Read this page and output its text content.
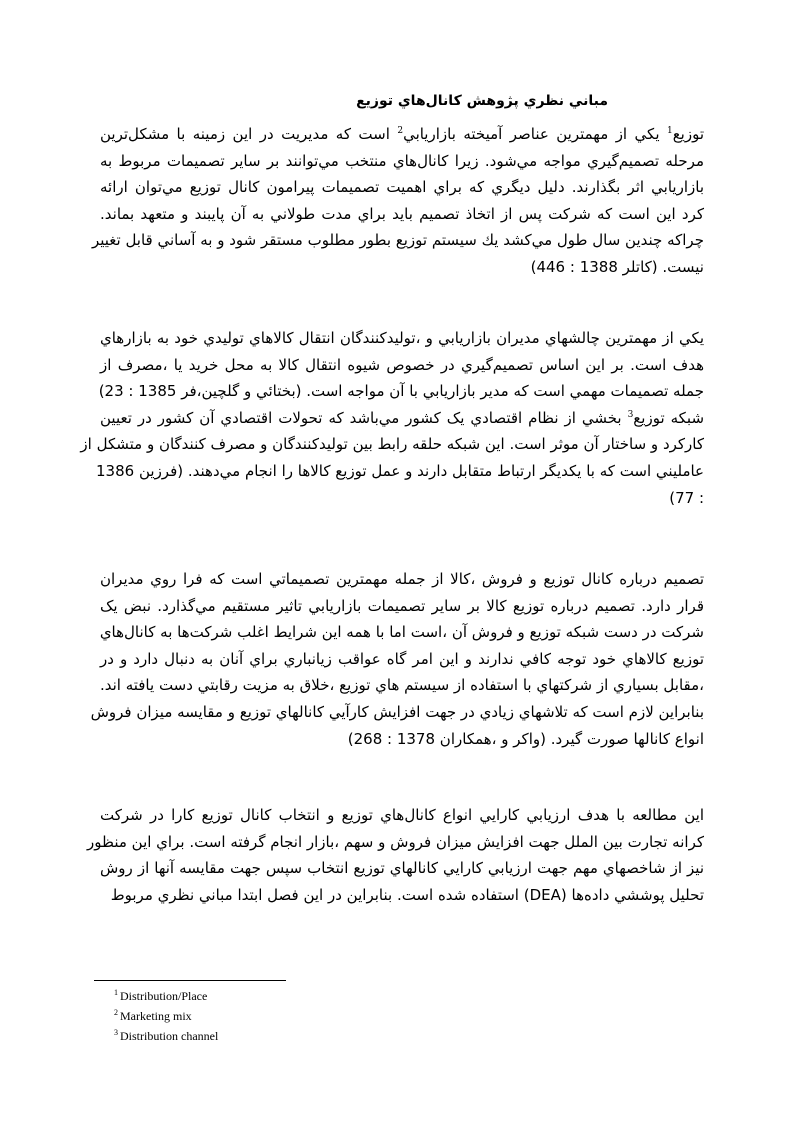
مباني نظري پژوهش كانال‌هاي توزيع
توزيع$^1$ يكي از مهمترين عناصر آميخته بازاريابي$^2$ است كه مديريت در اين زمينه با مشكل‌ترين
مرحله تصميم‌گيري مواجه مي‌شود. زيرا كانال‌هاي منتخب مي‌توانند بر ساير تصميمات مربوط به
بازاريابي اثر بگذارند. دليل ديگري كه براي اهميت تصميمات پيرامون كانال توزيع مي‌توان ارائه
كرد اين است كه شركت پس از اتخاذ تصميم بايد براي مدت طولاني به آن پايبند و متعهد بماند.
چراكه چندين سال طول مي‌كشد يك سيستم توزيع بطور مطلوب مستقر شود و به آساني قابل تغيير
نيست. (كاتلر 1388 : 446)
يكي از مهمترين چالشهاي مديران بازاريابي و ،توليدكنندگان انتقال كالاهاي توليدي خود به بازارهاي
هدف است. بر اين اساس تصميم‌گيري در خصوص شيوه انتقال كالا به محل خريد يا ،مصرف از
جمله تصميمات مهمي است كه مدير بازاريابي با آن مواجه است. (بختائي و گلچين،فر 1385 : 23)
شبكه توزيع$^3$ بخشي از نظام اقتصادي يک کشور مي‌باشد که تحولات اقتصادي آن کشور در تعيين
كاركرد و ساختار آن موثر است. اين شبكه حلقه رابط بين توليدكنندگان و مصرف كنندگان و متشكل از
عامليني است كه با يكديگر ارتباط متقابل دارند و عمل توزيع كالاها را انجام مي‌دهند. (فرزين 1386
: 77)
تصميم درباره كانال توزيع و فروش ،كالا از جمله مهمترين تصميماتي است كه فرا روي مديران
قرار دارد. تصميم درباره توزيع كالا بر ساير تصميمات بازاريابي تاثير مستقيم مي‌گذارد. نبض يک
شرکت در دست شبکه توزيع و فروش آن ،است اما با همه اين شرايط اغلب شرکت‌ها به کانال‌هاي
توزيع كالاهاي خود توجه کافي ندارند و اين امر گاه عواقب زيانباري براي آنان به دنبال دارد و در
،مقابل بسياري از شرکتهاي با استفاده از سيستم هاي توزيع ،خلاق به مزيت رقابتي دست يافته اند.
بنابراين لازم است كه تلاشهاي زيادي در جهت افزايش كارآيي كانالهاي توزيع و مقايسه ميزان فروش
انواع كانالها صورت گيرد. (واكر و ،همكاران 1378 : 268)
اين مطالعه با هدف ارزيابي كارايي انواع كانال‌هاي توزيع و انتخاب كانال توزيع كارا در شركت
كرانه تجارت بين الملل جهت افزايش ميزان فروش و سهم ،بازار انجام گرفته است. براي اين منظور
نيز از شاخصهاي مهم جهت ارزيابي كارايي كانالهاي توزيع انتخاب سپس جهت مقايسه آنها از روش
تحليل پوششي داده‌ها (DEA) استفاده شده است. بنابراين در اين فصل ابتدا مباني نظري مربوط
$^1$ Distribution/Place
$^2$ Marketing mix
$^3$ Distribution channel
